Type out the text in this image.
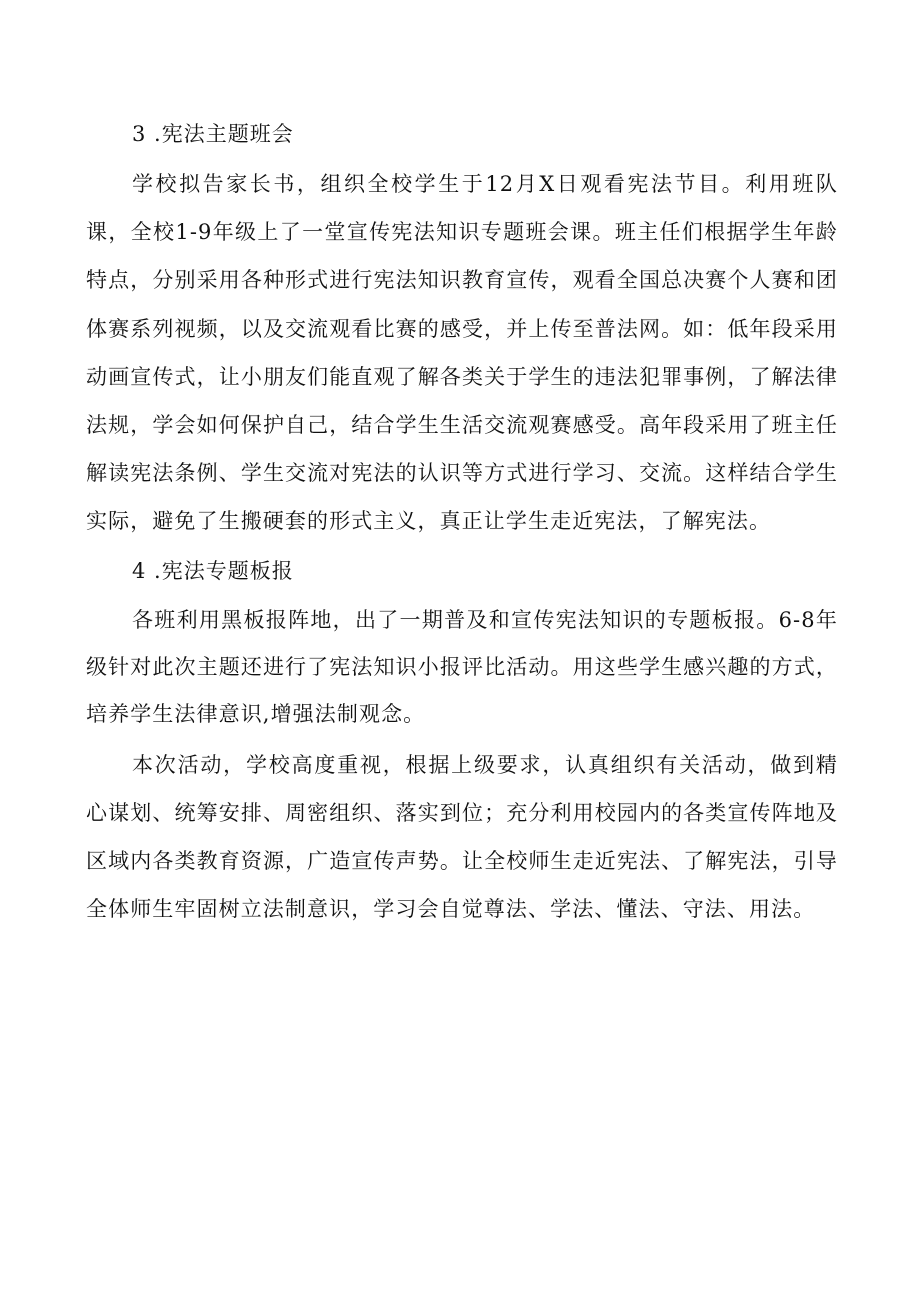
3 .宪法主题班会

学校拟告家长书，组织全校学生于12月X日观看宪法节目。利用班队课，全校1-9年级上了一堂宣传宪法知识专题班会课。班主任们根据学生年龄特点，分别采用各种形式进行宪法知识教育宣传，观看全国总决赛个人赛和团体赛系列视频，以及交流观看比赛的感受，并上传至普法网。如：低年段采用动画宣传式，让小朋友们能直观了解各类关于学生的违法犯罪事例，了解法律法规，学会如何保护自己，结合学生生活交流观赛感受。高年段采用了班主任解读宪法条例、学生交流对宪法的认识等方式进行学习、交流。这样结合学生实际，避免了生搬硬套的形式主义，真正让学生走近宪法，了解宪法。

4 .宪法专题板报

各班利用黑板报阵地，出了一期普及和宣传宪法知识的专题板报。6-8年级针对此次主题还进行了宪法知识小报评比活动。用这些学生感兴趣的方式，培养学生法律意识,增强法制观念。

本次活动，学校高度重视，根据上级要求，认真组织有关活动，做到精心谋划、统筹安排、周密组织、落实到位；充分利用校园内的各类宣传阵地及区域内各类教育资源，广造宣传声势。让全校师生走近宪法、了解宪法，引导全体师生牢固树立法制意识，学习会自觉尊法、学法、懂法、守法、用法。
